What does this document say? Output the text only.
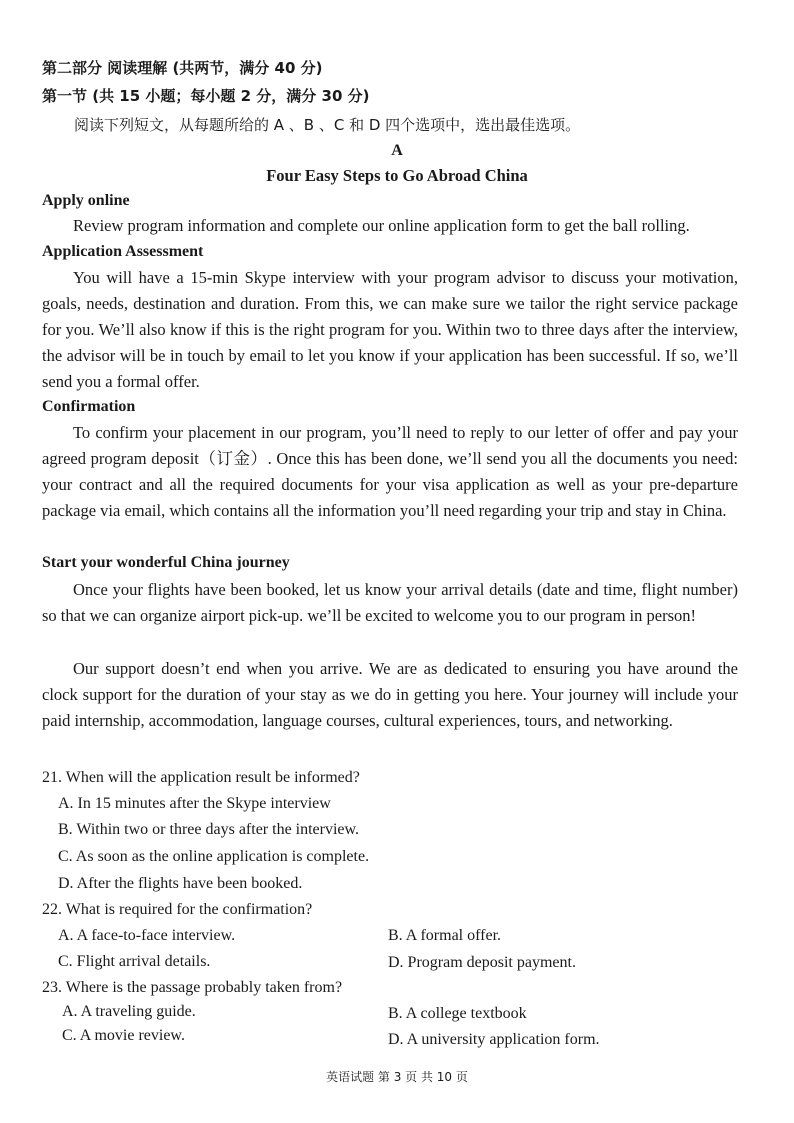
第二部分 阅读理解 (共两节，满分 40 分)
第一节 (共 15 小题；每小题 2 分，满分 30 分)
阅读下列短文，从每题所给的 A 、B 、C 和 D 四个选项中，选出最佳选项。
A
Four Easy Steps to Go Abroad China
Apply online
Review program information and complete our online application form to get the ball rolling.
Application Assessment
You will have a 15-min Skype interview with your program advisor to discuss your motivation, goals, needs, destination and duration. From this, we can make sure we tailor the right service package for you. We’ll also know if this is the right program for you. Within two to three days after the interview, the advisor will be in touch by email to let you know if your application has been successful. If so, we’ll send you a formal offer.
Confirmation
To confirm your placement in our program, you’ll need to reply to our letter of offer and pay your agreed program deposit（订金）. Once this has been done, we’ll send you all the documents you need: your contract and all the required documents for your visa application as well as your pre-departure package via email, which contains all the information you’ll need regarding your trip and stay in China.
Start your wonderful China journey
Once your flights have been booked, let us know your arrival details (date and time, flight number) so that we can organize airport pick-up. we’ll be excited to welcome you to our program in person!
Our support doesn’t end when you arrive. We are as dedicated to ensuring you have around the clock support for the duration of your stay as we do in getting you here. Your journey will include your paid internship, accommodation, language courses, cultural experiences, tours, and networking.
21. When will the application result be informed?
A. In 15 minutes after the Skype interview
B. Within two or three days after the interview.
C. As soon as the online application is complete.
D. After the flights have been booked.
22. What is required for the confirmation?
A. A face-to-face interview.	B. A formal offer.
C. Flight arrival details.	D. Program deposit payment.
23. Where is the passage probably taken from?
A. A traveling guide.	B. A college textbook
C. A movie review.	D. A university application form.
英语试题 第 3 页 共 10 页
